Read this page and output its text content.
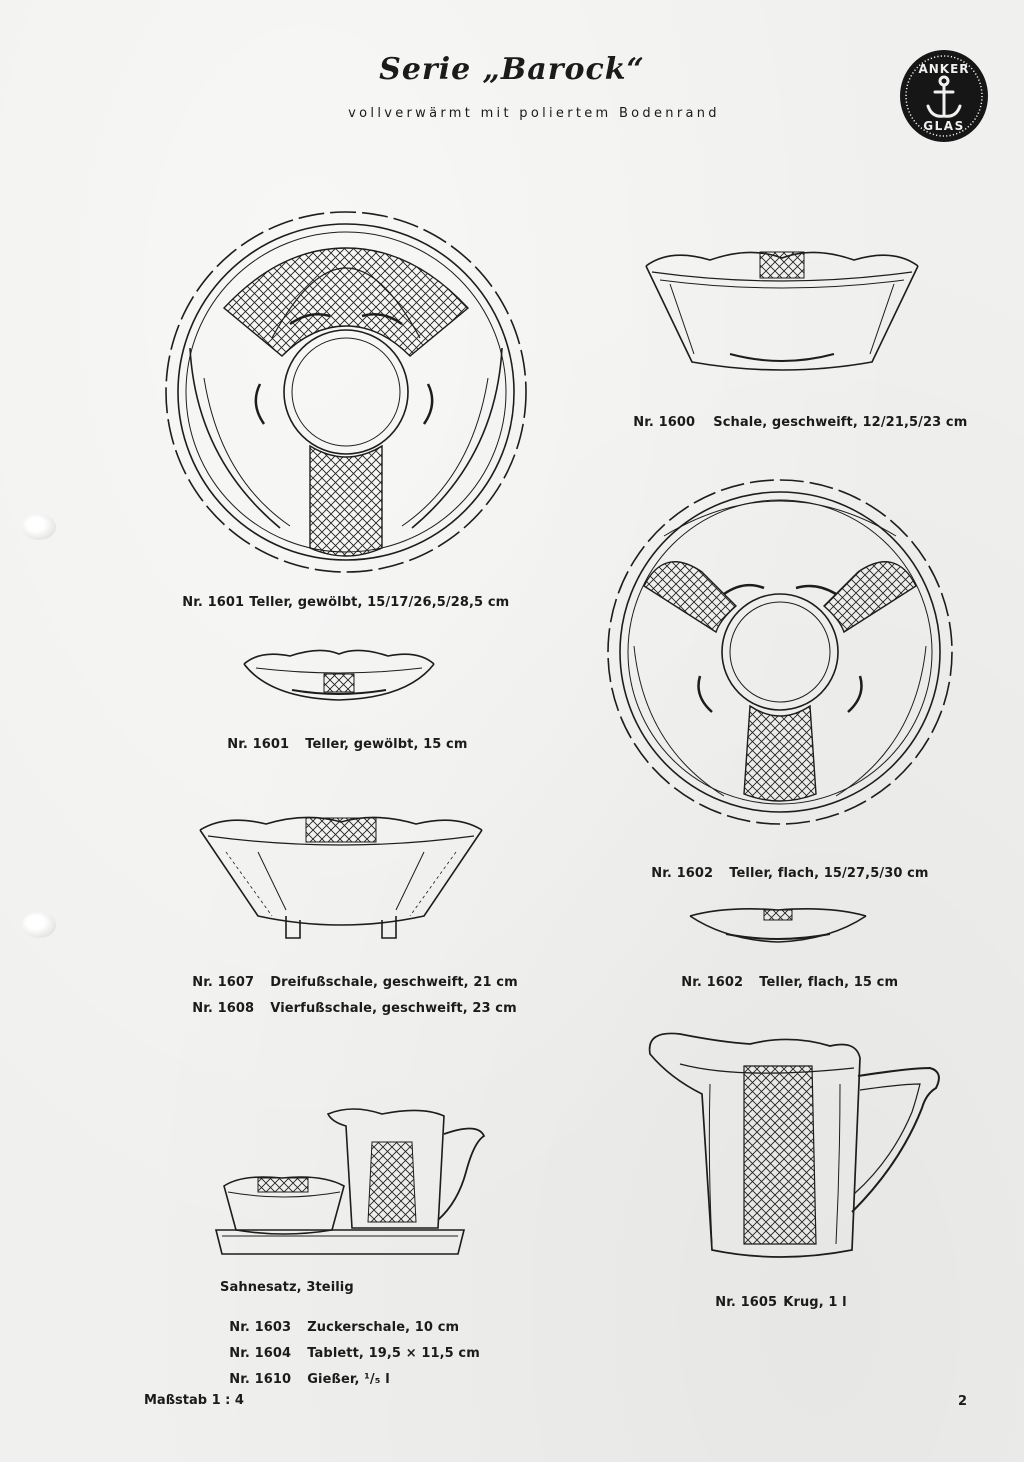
Serie „Barock“
vollverwärmt mit poliertem Bodenrand
ANKER
GLAS

Nr. 1601 Teller, gewölbt, 15/17/26,5/28,5 cm

Nr. 1600 Schale, geschweift, 12/21,5/23 cm

Nr. 1601 Teller, gewölbt, 15 cm

Nr. 1602 Teller, flach, 15/27,5/30 cm

Nr. 1607 Dreifußschale, geschweift, 21 cm

Nr. 1608 Vierfußschale, geschweift, 23 cm

Nr. 1602 Teller, flach, 15 cm

Sahnesatz, 3teilig

Nr. 1603 Zuckerschale, 10 cm

Nr. 1604 Tablett, 19,5 × 11,5 cm

Nr. 1610 Gießer, ¹/₅ l

Nr. 1605 Krug, 1 l

Maßstab 1 : 4	2
